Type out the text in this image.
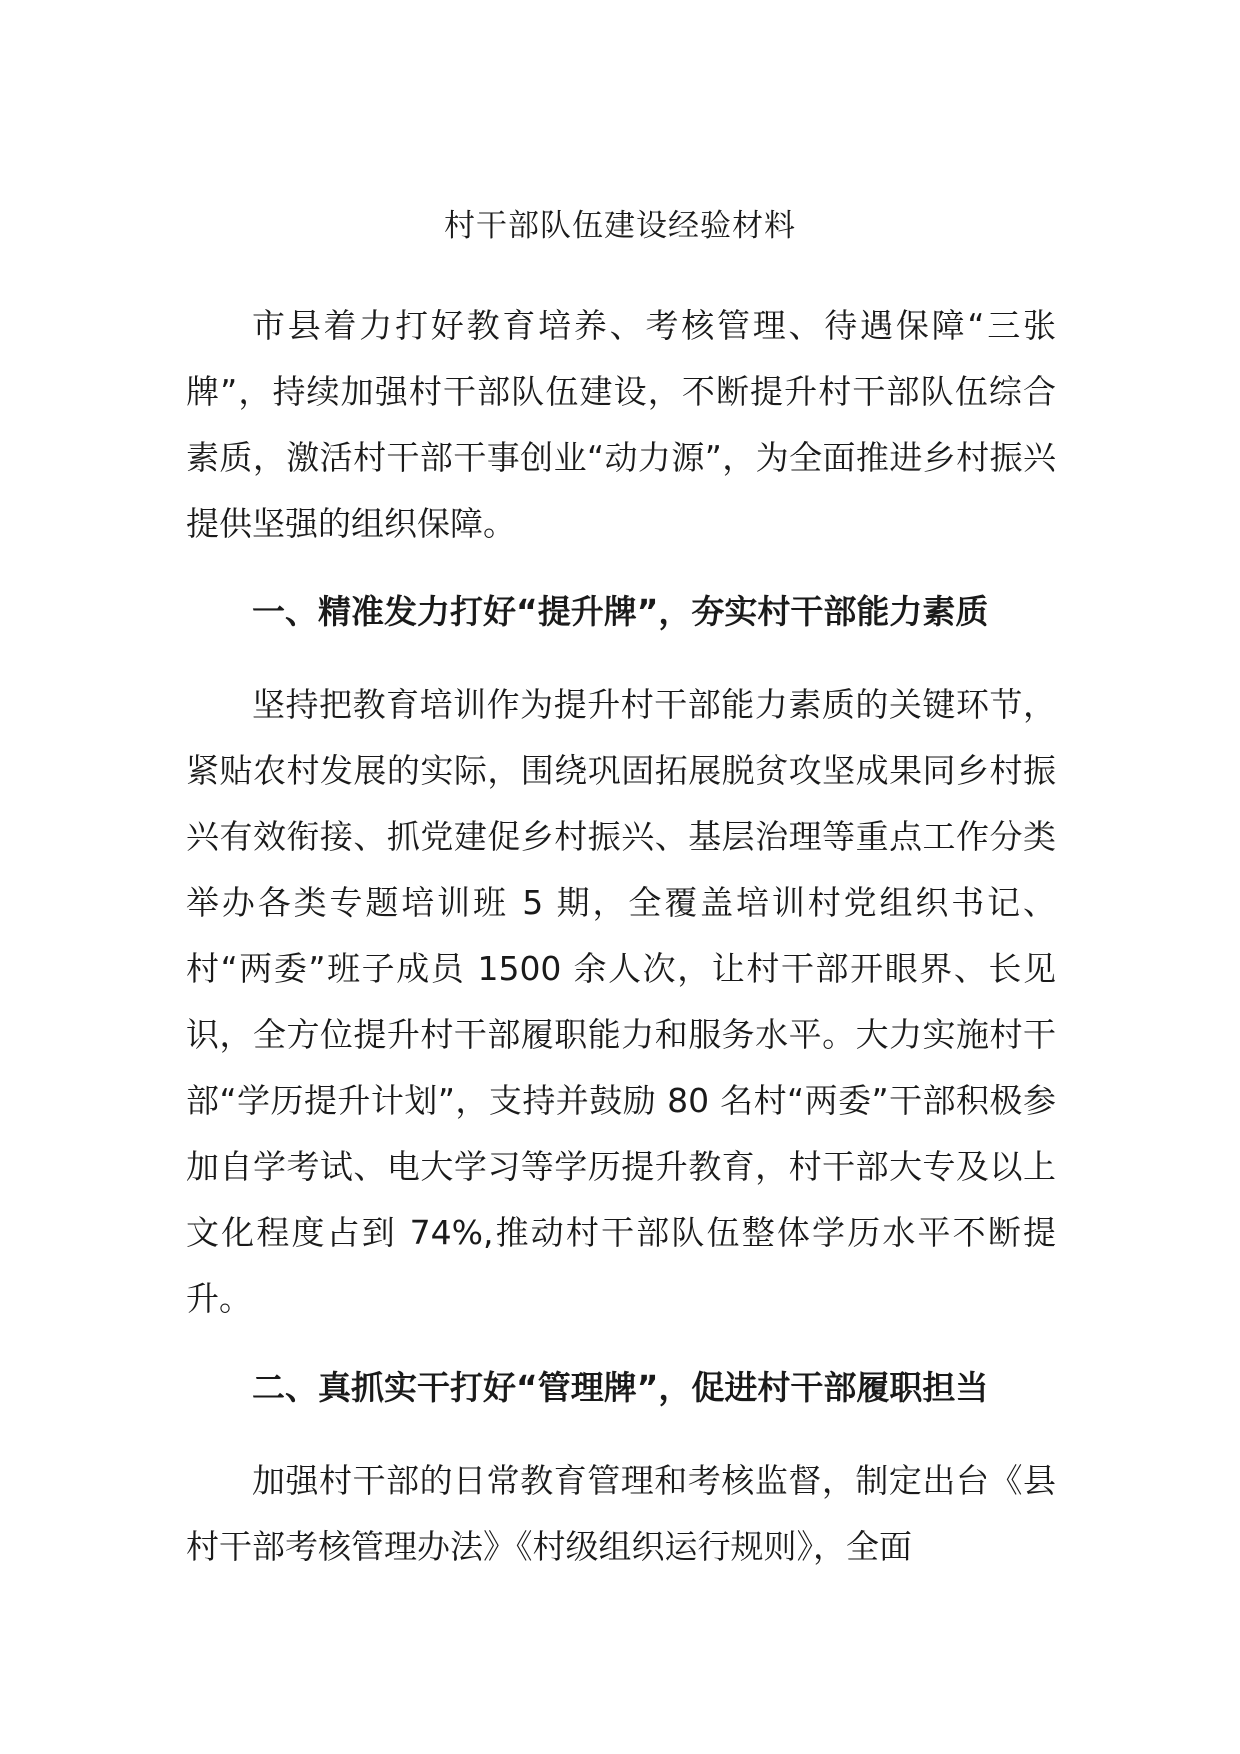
村干部队伍建设经验材料

市县着力打好教育培养、考核管理、待遇保障“三张牌”，持续加强村干部队伍建设，不断提升村干部队伍综合素质，激活村干部干事创业“动力源”，为全面推进乡村振兴提供坚强的组织保障。

一、精准发力打好“提升牌”，夯实村干部能力素质

坚持把教育培训作为提升村干部能力素质的关键环节，紧贴农村发展的实际，围绕巩固拓展脱贫攻坚成果同乡村振兴有效衔接、抓党建促乡村振兴、基层治理等重点工作分类举办各类专题培训班 5 期，全覆盖培训村党组织书记、村“两委”班子成员 1500 余人次，让村干部开眼界、长见识，全方位提升村干部履职能力和服务水平。大力实施村干部“学历提升计划”，支持并鼓励 80 名村“两委”干部积极参加自学考试、电大学习等学历提升教育，村干部大专及以上文化程度占到 74%,推动村干部队伍整体学历水平不断提升。

二、真抓实干打好“管理牌”，促进村干部履职担当

加强村干部的日常教育管理和考核监督，制定出台《县村干部考核管理办法》《村级组织运行规则》，全面
